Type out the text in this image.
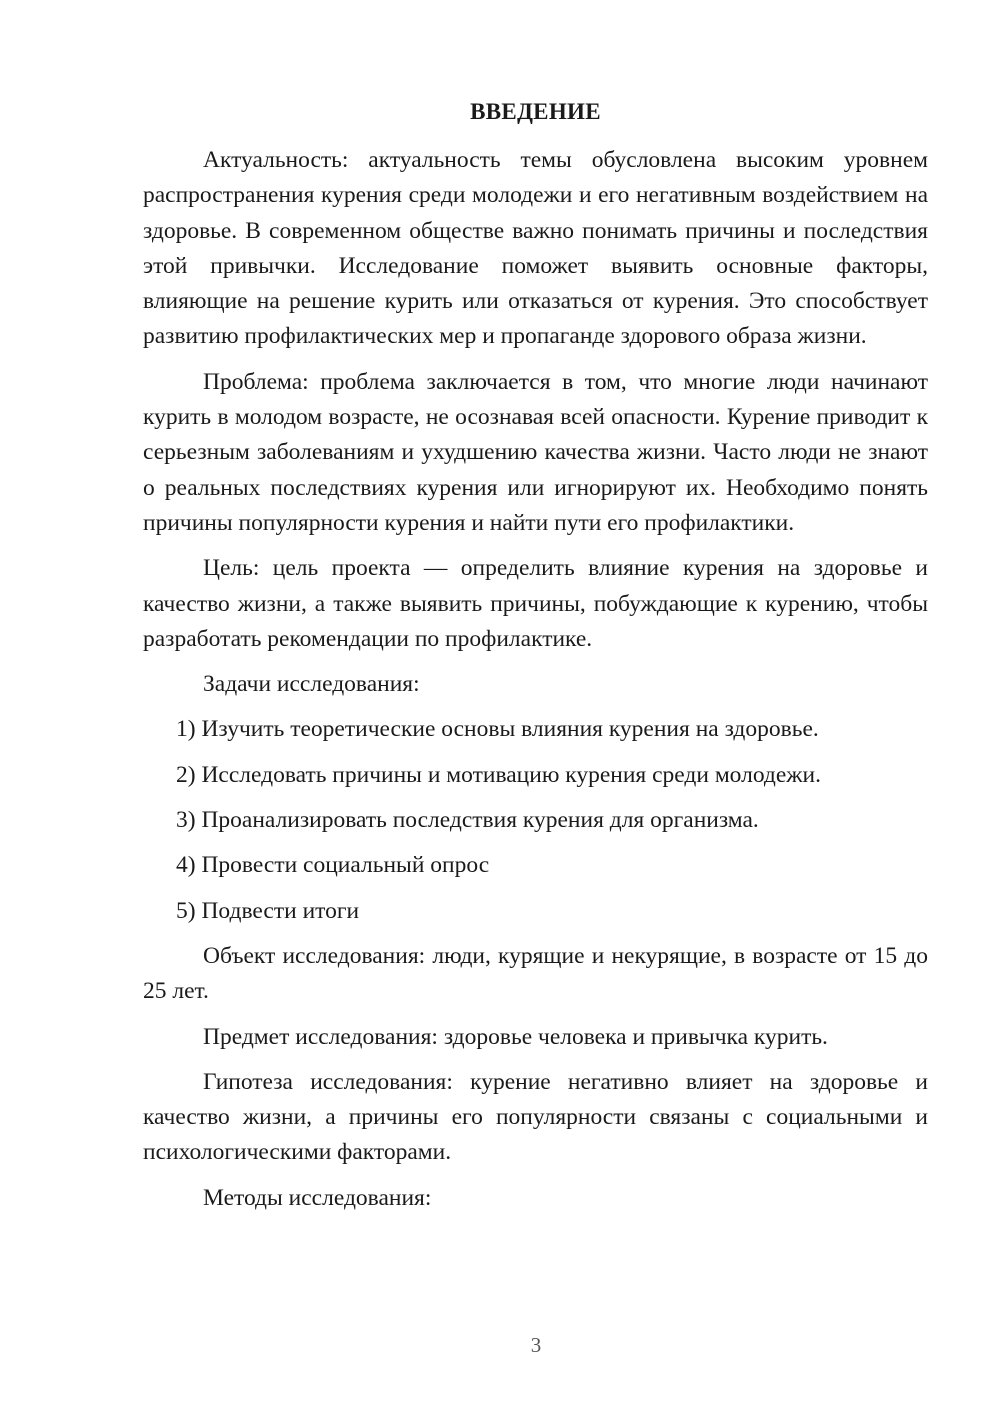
ВВЕДЕНИЕ

Актуальность: актуальность темы обусловлена высоким уровнем распространения курения среди молодежи и его негативным воздействием на здоровье. В современном обществе важно понимать причины и последствия этой привычки. Исследование поможет выявить основные факторы, влияющие на решение курить или отказаться от курения. Это способствует развитию профилактических мер и пропаганде здорового образа жизни.

Проблема: проблема заключается в том, что многие люди начинают курить в молодом возрасте, не осознавая всей опасности. Курение приводит к серьезным заболеваниям и ухудшению качества жизни. Часто люди не знают о реальных последствиях курения или игнорируют их. Необходимо понять причины популярности курения и найти пути его профилактики.

Цель: цель проекта — определить влияние курения на здоровье и качество жизни, а также выявить причины, побуждающие к курению, чтобы разработать рекомендации по профилактике.

Задачи исследования:

1) Изучить теоретические основы влияния курения на здоровье.

2) Исследовать причины и мотивацию курения среди молодежи.

3) Проанализировать последствия курения для организма.

4) Провести социальный опрос

5) Подвести итоги

Объект исследования: люди, курящие и некурящие, в возрасте от 15 до 25 лет.

Предмет исследования: здоровье человека и привычка курить.

Гипотеза исследования: курение негативно влияет на здоровье и качество жизни, а причины его популярности связаны с социальными и психологическими факторами.

Методы исследования:

3
